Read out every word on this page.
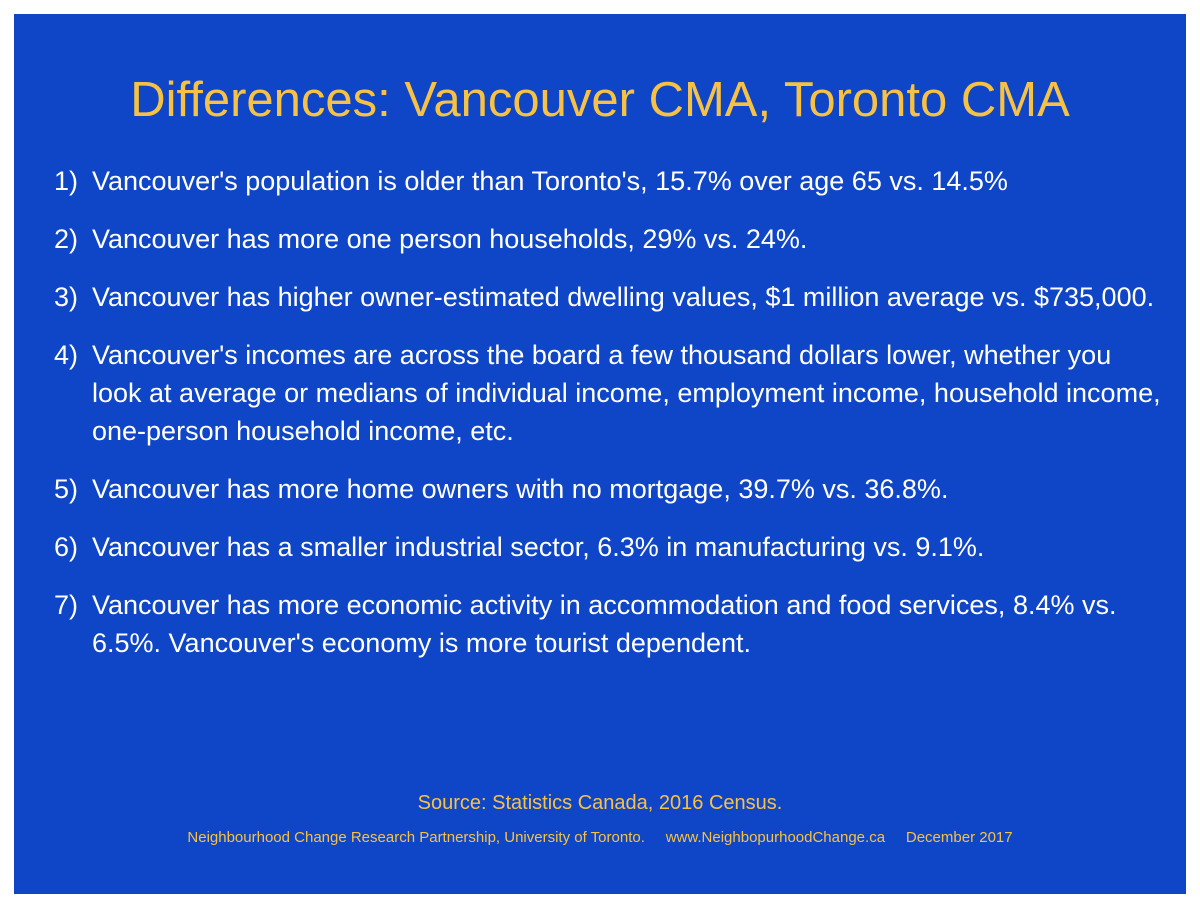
Differences: Vancouver CMA, Toronto CMA
1) Vancouver's population is older than Toronto's, 15.7% over age 65 vs. 14.5%
2) Vancouver has more one person households, 29% vs. 24%.
3) Vancouver has higher owner-estimated dwelling values, $1 million average vs. $735,000.
4) Vancouver's incomes are across the board a few thousand dollars lower, whether you look at average or medians of individual income, employment income, household income, one-person household income, etc.
5) Vancouver has more home owners with no mortgage, 39.7% vs. 36.8%.
6) Vancouver has a smaller industrial sector, 6.3% in manufacturing vs. 9.1%.
7) Vancouver has more economic activity in accommodation and food services, 8.4% vs. 6.5%. Vancouver's economy is more tourist dependent.
Source: Statistics Canada, 2016 Census.
Neighbourhood Change Research Partnership, University of Toronto.     www.NeighbopurhoodChange.ca     December 2017
